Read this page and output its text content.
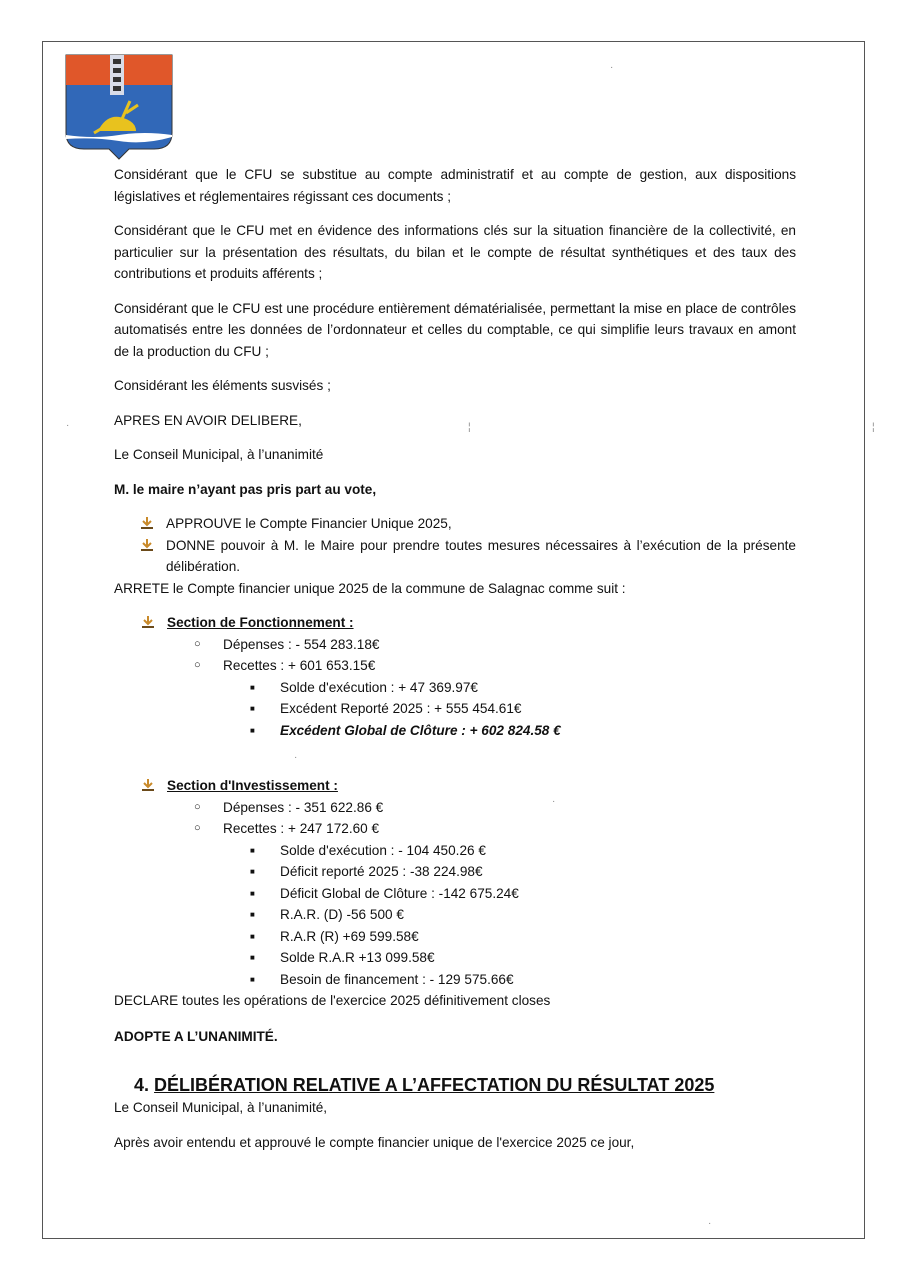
·	¦	¦
·
·
·
·

Considérant que le CFU se substitue au compte administratif et au compte de gestion, aux dispositions législatives et réglementaires régissant ces documents ;

Considérant que le CFU met en évidence des informations clés sur la situation financière de la collectivité, en particulier sur la présentation des résultats, du bilan et le compte de résultat synthétiques et des taux des contributions et produits afférents ;

Considérant que le CFU est une procédure entièrement dématérialisée, permettant la mise en place de contrôles automatisés entre les données de l’ordonnateur et celles du comptable, ce qui simplifie leurs travaux en amont de la production du CFU ;

Considérant les éléments susvisés ;

APRES EN AVOIR DELIBERE,

Le Conseil Municipal, à l’unanimité

M. le maire n’ayant pas pris part au vote,

APPROUVE le Compte Financier Unique 2025,
DONNE pouvoir à M. le Maire pour prendre toutes mesures nécessaires à l’exécution de la présente délibération.

ARRETE le Compte financier unique 2025 de la commune de Salagnac comme suit :

Section de Fonctionnement :
○	Dépenses : - 554 283.18€
○	Recettes : + 601 653.15€
■	Solde d'exécution : + 47 369.97€
■	Excédent Reporté 2025 : + 555 454.61€
■	Excédent Global de Clôture : + 602 824.58 €
Section d'Investissement :
○	Dépenses : - 351 622.86 €
○	Recettes : + 247 172.60 €
■	Solde d'exécution : - 104 450.26 €
■	Déficit reporté 2025 : -38 224.98€
■	Déficit Global de Clôture : -142 675.24€
■	R.A.R. (D) -56 500 €
■	R.A.R (R) +69 599.58€
■	Solde R.A.R +13 099.58€
■	Besoin de financement : - 129 575.66€

DECLARE toutes les opérations de l'exercice 2025 définitivement closes

ADOPTE A L’UNANIMITÉ.

4. DÉLIBÉRATION RELATIVE A L’AFFECTATION DU RÉSULTAT 2025

Le Conseil Municipal, à l’unanimité,

Après avoir entendu et approuvé le compte financier unique de l'exercice 2025 ce jour,
